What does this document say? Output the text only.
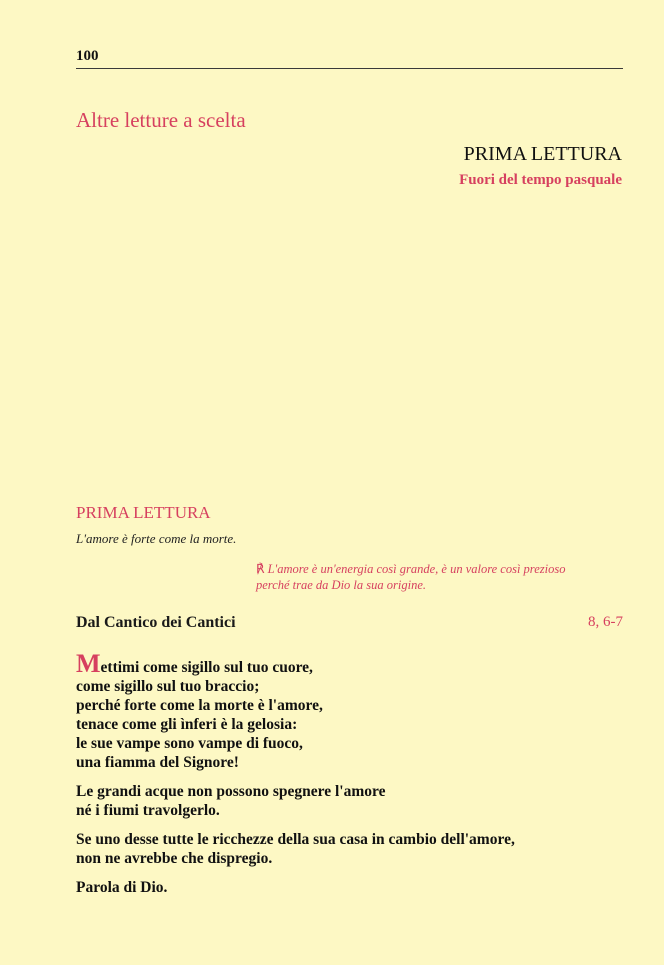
100
Altre letture a scelta
PRIMA LETTURA
Fuori del tempo pasquale
PRIMA LETTURA
L'amore è forte come la morte.
℟ L'amore è un'energia così grande, è un valore così prezioso
perché trae da Dio la sua origine.
Dal Cantico dei Cantici	8, 6-7
Mettimi come sigillo sul tuo cuore,
come sigillo sul tuo braccio;
perché forte come la morte è l'amore,
tenace come gli ìnferi è la gelosia:
le sue vampe sono vampe di fuoco,
una fiamma del Signore!
Le grandi acque non possono spegnere l'amore
né i fiumi travolgerlo.
Se uno desse tutte le ricchezze della sua casa in cambio dell'amore,
non ne avrebbe che dispregio.
Parola di Dio.
